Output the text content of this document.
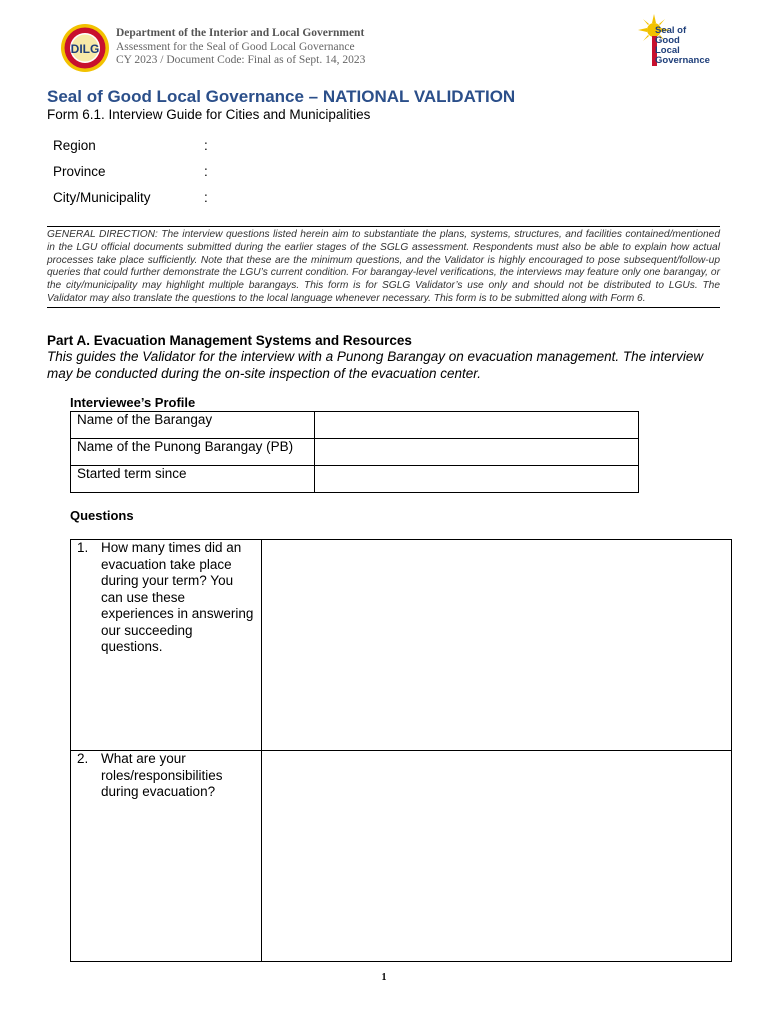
DILG
Department of the Interior and Local Government
Assessment for the Seal of Good Local Governance
CY 2023 / Document Code: Final as of Sept. 14, 2023
Seal of
Good
Local
Governance
Seal of Good Local Governance – NATIONAL VALIDATION
Form 6.1. Interview Guide for Cities and Municipalities
Region	:
Province	:
City/Municipality	:
GENERAL DIRECTION: The interview questions listed herein aim to substantiate the plans, systems, structures, and facilities contained/mentioned in the LGU official documents submitted during the earlier stages of the SGLG assessment. Respondents must also be able to explain how actual processes take place sufficiently. Note that these are the minimum questions, and the Validator is highly encouraged to pose subsequent/follow-up queries that could further demonstrate the LGU’s current condition. For barangay-level verifications, the interviews may feature only one barangay, or the city/municipality may highlight multiple barangays. This form is for SGLG Validator’s use only and should not be distributed to LGUs. The Validator may also translate the questions to the local language whenever necessary. This form is to be submitted along with Form 6.
Part A. Evacuation Management Systems and Resources
This guides the Validator for the interview with a Punong Barangay on evacuation management. The interview may be conducted during the on-site inspection of the evacuation center.
Interviewee’s Profile
Name of the Barangay	
Name of the Punong Barangay (PB)	
Started term since	
Questions
1. How many times did an evacuation take place during your term? You can use these experiences in answering our succeeding questions.	

2. What are your roles/responsibilities during evacuation?	

1
